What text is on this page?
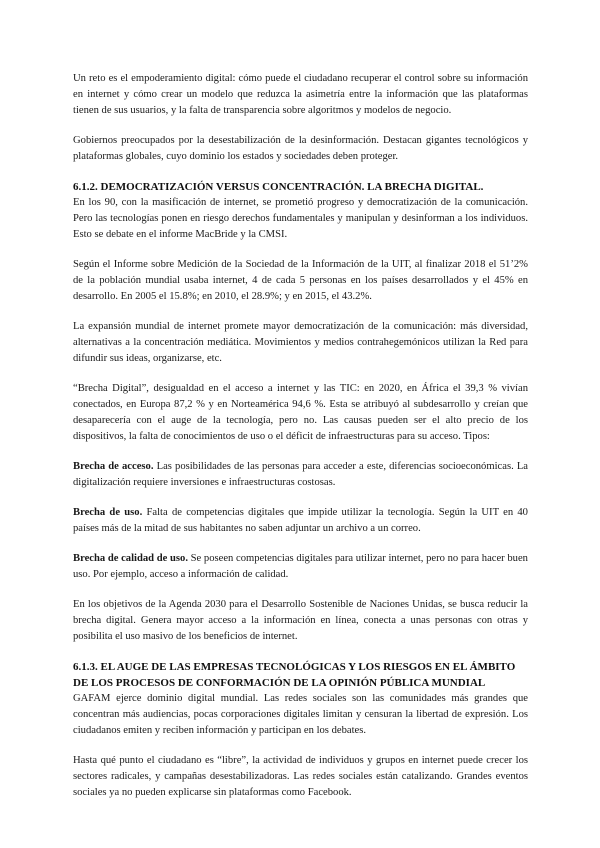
Un reto es el empoderamiento digital: cómo puede el ciudadano recuperar el control sobre su información en internet y cómo crear un modelo que reduzca la asimetría entre la información que las plataformas tienen de sus usuarios, y la falta de transparencia sobre algoritmos y modelos de negocio.

Gobiernos preocupados por la desestabilización de la desinformación. Destacan gigantes tecnológicos y plataformas globales, cuyo dominio los estados y sociedades deben proteger.

6.1.2. DEMOCRATIZACIÓN VERSUS CONCENTRACIÓN. LA BRECHA DIGITAL.

En los 90, con la masificación de internet, se prometió progreso y democratización de la comunicación. Pero las tecnologías ponen en riesgo derechos fundamentales y manipulan y desinforman a los individuos. Esto se debate en el informe MacBride y la CMSI.

Según el Informe sobre Medición de la Sociedad de la Información de la UIT, al finalizar 2018 el 51’2% de la población mundial usaba internet, 4 de cada 5 personas en los países desarrollados y el 45% en desarrollo. En 2005 el 15.8%; en 2010, el 28.9%; y en 2015, el 43.2%.

La expansión mundial de internet promete mayor democratización de la comunicación: más diversidad, alternativas a la concentración mediática. Movimientos y medios contrahegemónicos utilizan la Red para difundir sus ideas, organizarse, etc.

“Brecha Digital”, desigualdad en el acceso a internet y las TIC: en 2020, en África el 39,3 % vivían conectados, en Europa 87,2 % y en Norteamérica 94,6 %. Esta se atribuyó al subdesarrollo y creían que desaparecería con el auge de la tecnología, pero no. Las causas pueden ser el alto precio de los dispositivos, la falta de conocimientos de uso o el déficit de infraestructuras para su acceso. Tipos:

Brecha de acceso. Las posibilidades de las personas para acceder a este, diferencias socioeconómicas. La digitalización requiere inversiones e infraestructuras costosas.

Brecha de uso. Falta de competencias digitales que impide utilizar la tecnología. Según la UIT en 40 países más de la mitad de sus habitantes no saben adjuntar un archivo a un correo.

Brecha de calidad de uso. Se poseen competencias digitales para utilizar internet, pero no para hacer buen uso. Por ejemplo, acceso a información de calidad.

En los objetivos de la Agenda 2030 para el Desarrollo Sostenible de Naciones Unidas, se busca reducir la brecha digital. Genera mayor acceso a la información en línea, conecta a unas personas con otras y posibilita el uso masivo de los beneficios de internet.

6.1.3. EL AUGE DE LAS EMPRESAS TECNOLÓGICAS Y LOS RIESGOS EN EL ÁMBITO DE LOS PROCESOS DE CONFORMACIÓN DE LA OPINIÓN PÚBLICA MUNDIAL

GAFAM ejerce dominio digital mundial. Las redes sociales son las comunidades más grandes que concentran más audiencias, pocas corporaciones digitales limitan y censuran la libertad de expresión. Los ciudadanos emiten y reciben información y participan en los debates.

Hasta qué punto el ciudadano es “libre”, la actividad de individuos y grupos en internet puede crecer los sectores radicales, y campañas desestabilizadoras. Las redes sociales están catalizando. Grandes eventos sociales ya no pueden explicarse sin plataformas como Facebook.
